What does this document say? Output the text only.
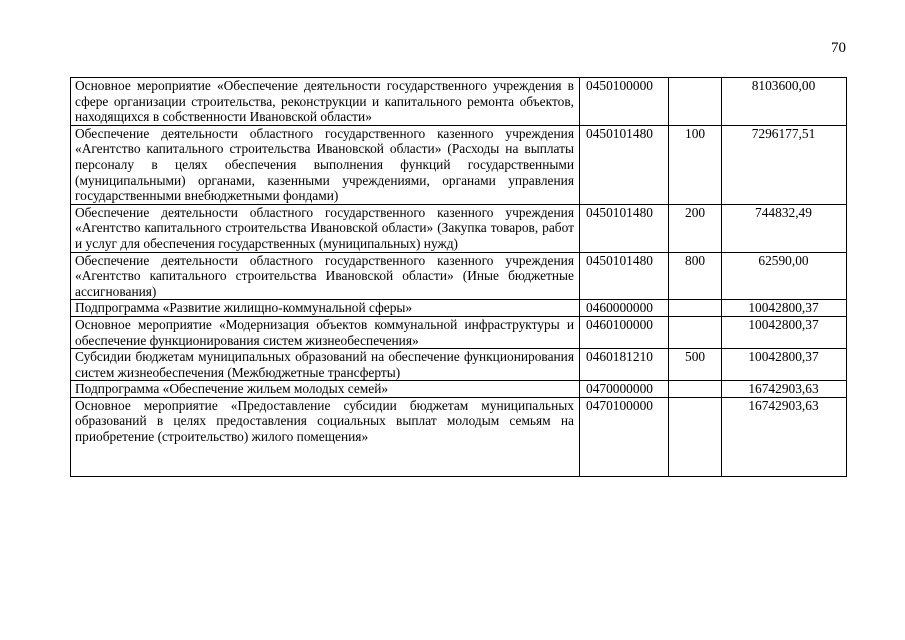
70
Основное мероприятие «Обеспечение деятельности государственного учреждения в сфере организации строительства, реконструкции и капитального ремонта объектов, находящихся в собственности Ивановской области»	0450100000		8103600,00
Обеспечение деятельности областного государственного казенного учреждения «Агентство капитального строительства Ивановской области» (Расходы на выплаты персоналу в целях обеспечения выполнения функций государственными (муниципальными) органами, казенными учреждениями, органами управления государственными внебюджетными фондами)	0450101480	100	7296177,51
Обеспечение деятельности областного государственного казенного учреждения «Агентство капитального строительства Ивановской области» (Закупка товаров, работ и услуг для обеспечения государственных (муниципальных) нужд)	0450101480	200	744832,49
Обеспечение деятельности областного государственного казенного учреждения «Агентство капитального строительства Ивановской области» (Иные бюджетные ассигнования)	0450101480	800	62590,00
Подпрограмма «Развитие жилищно-коммунальной сферы»	0460000000		10042800,37
Основное мероприятие «Модернизация объектов коммунальной инфраструктуры и обеспечение функционирования систем жизнеобеспечения»	0460100000		10042800,37
Субсидии бюджетам муниципальных образований на обеспечение функционирования систем жизнеобеспечения (Межбюджетные трансферты)	0460181210	500	10042800,37
Подпрограмма «Обеспечение жильем молодых семей»	0470000000		16742903,63
Основное мероприятие «Предоставление субсидии бюджетам муниципальных образований в целях предоставления социальных выплат молодым семьям на приобретение (строительство) жилого помещения»	0470100000		16742903,63
